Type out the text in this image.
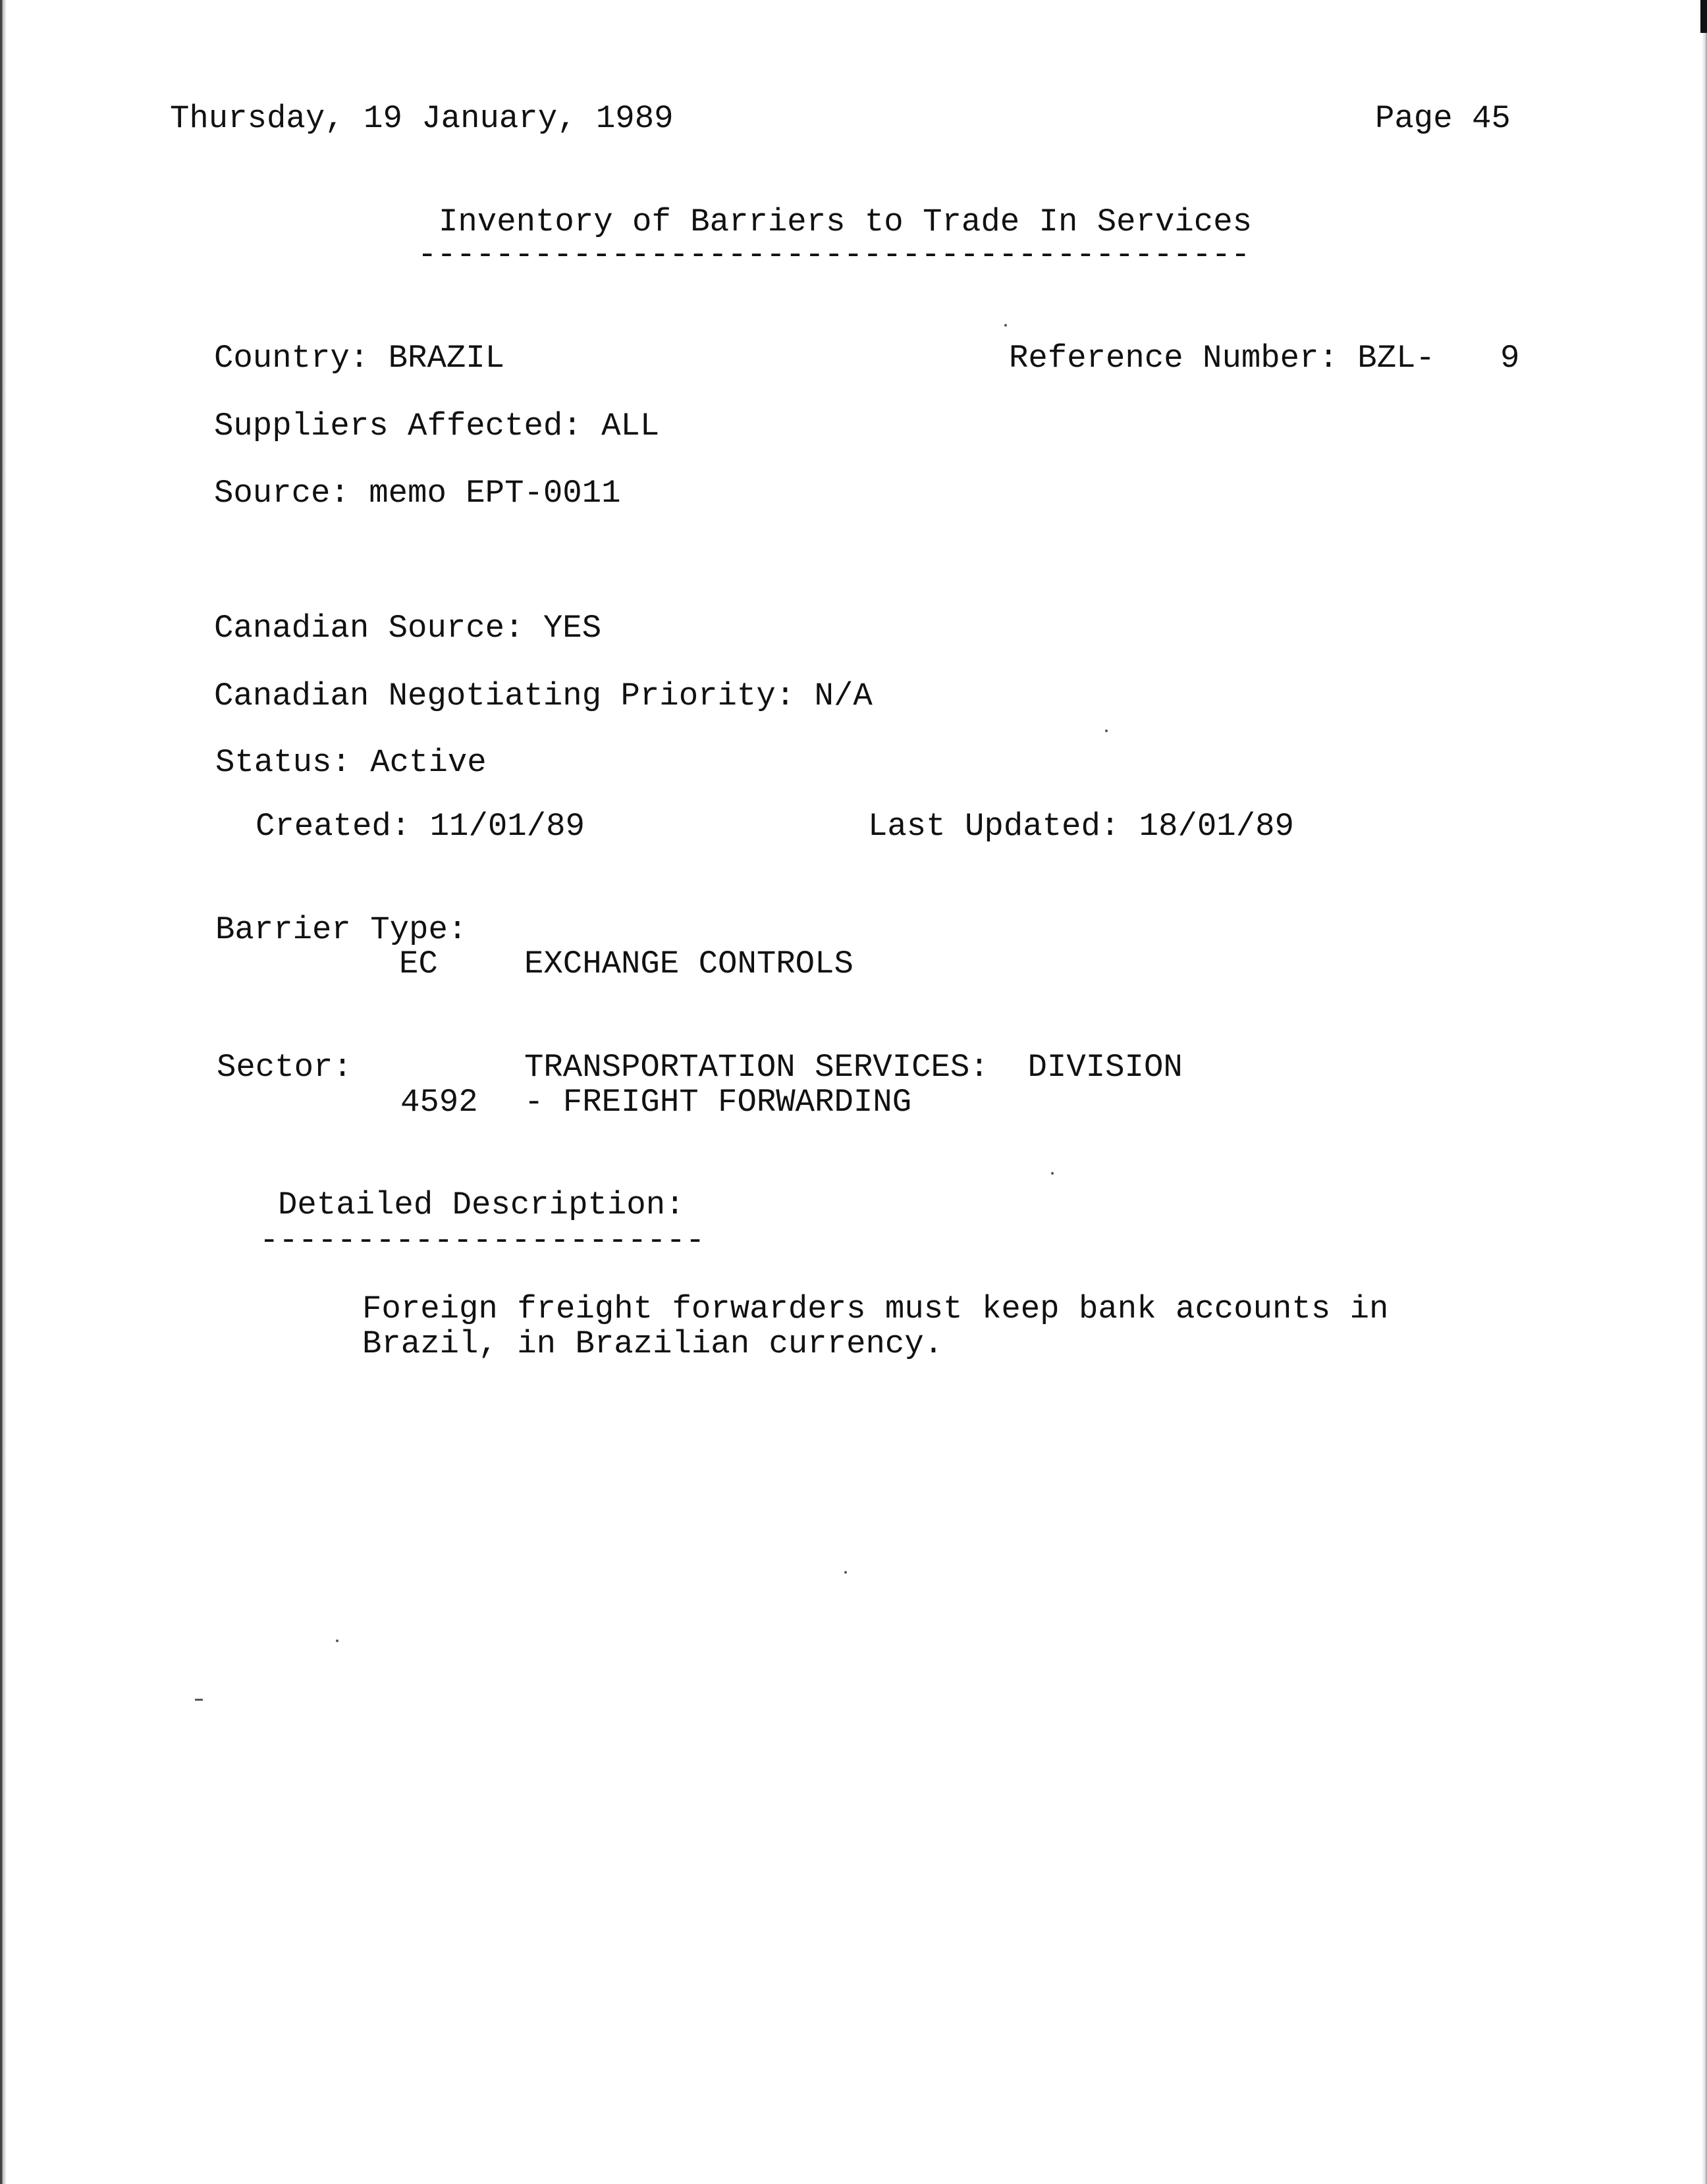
Thursday, 19 January, 1989	Page 45
Inventory of Barriers to Trade In Services
-------------------------------------------
Country: BRAZIL	Reference Number: BZL- 9
Suppliers Affected: ALL
Source: memo EPT-0011
Canadian Source: YES
Canadian Negotiating Priority: N/A
Status: Active
Created: 11/01/89	Last Updated: 18/01/89
Barrier Type:
EC	EXCHANGE CONTROLS
Sector:	TRANSPORTATION SERVICES:  DIVISION
4592 - FREIGHT FORWARDING
Detailed Description:
-----------------------
Foreign freight forwarders must keep bank accounts in
Brazil, in Brazilian currency.
